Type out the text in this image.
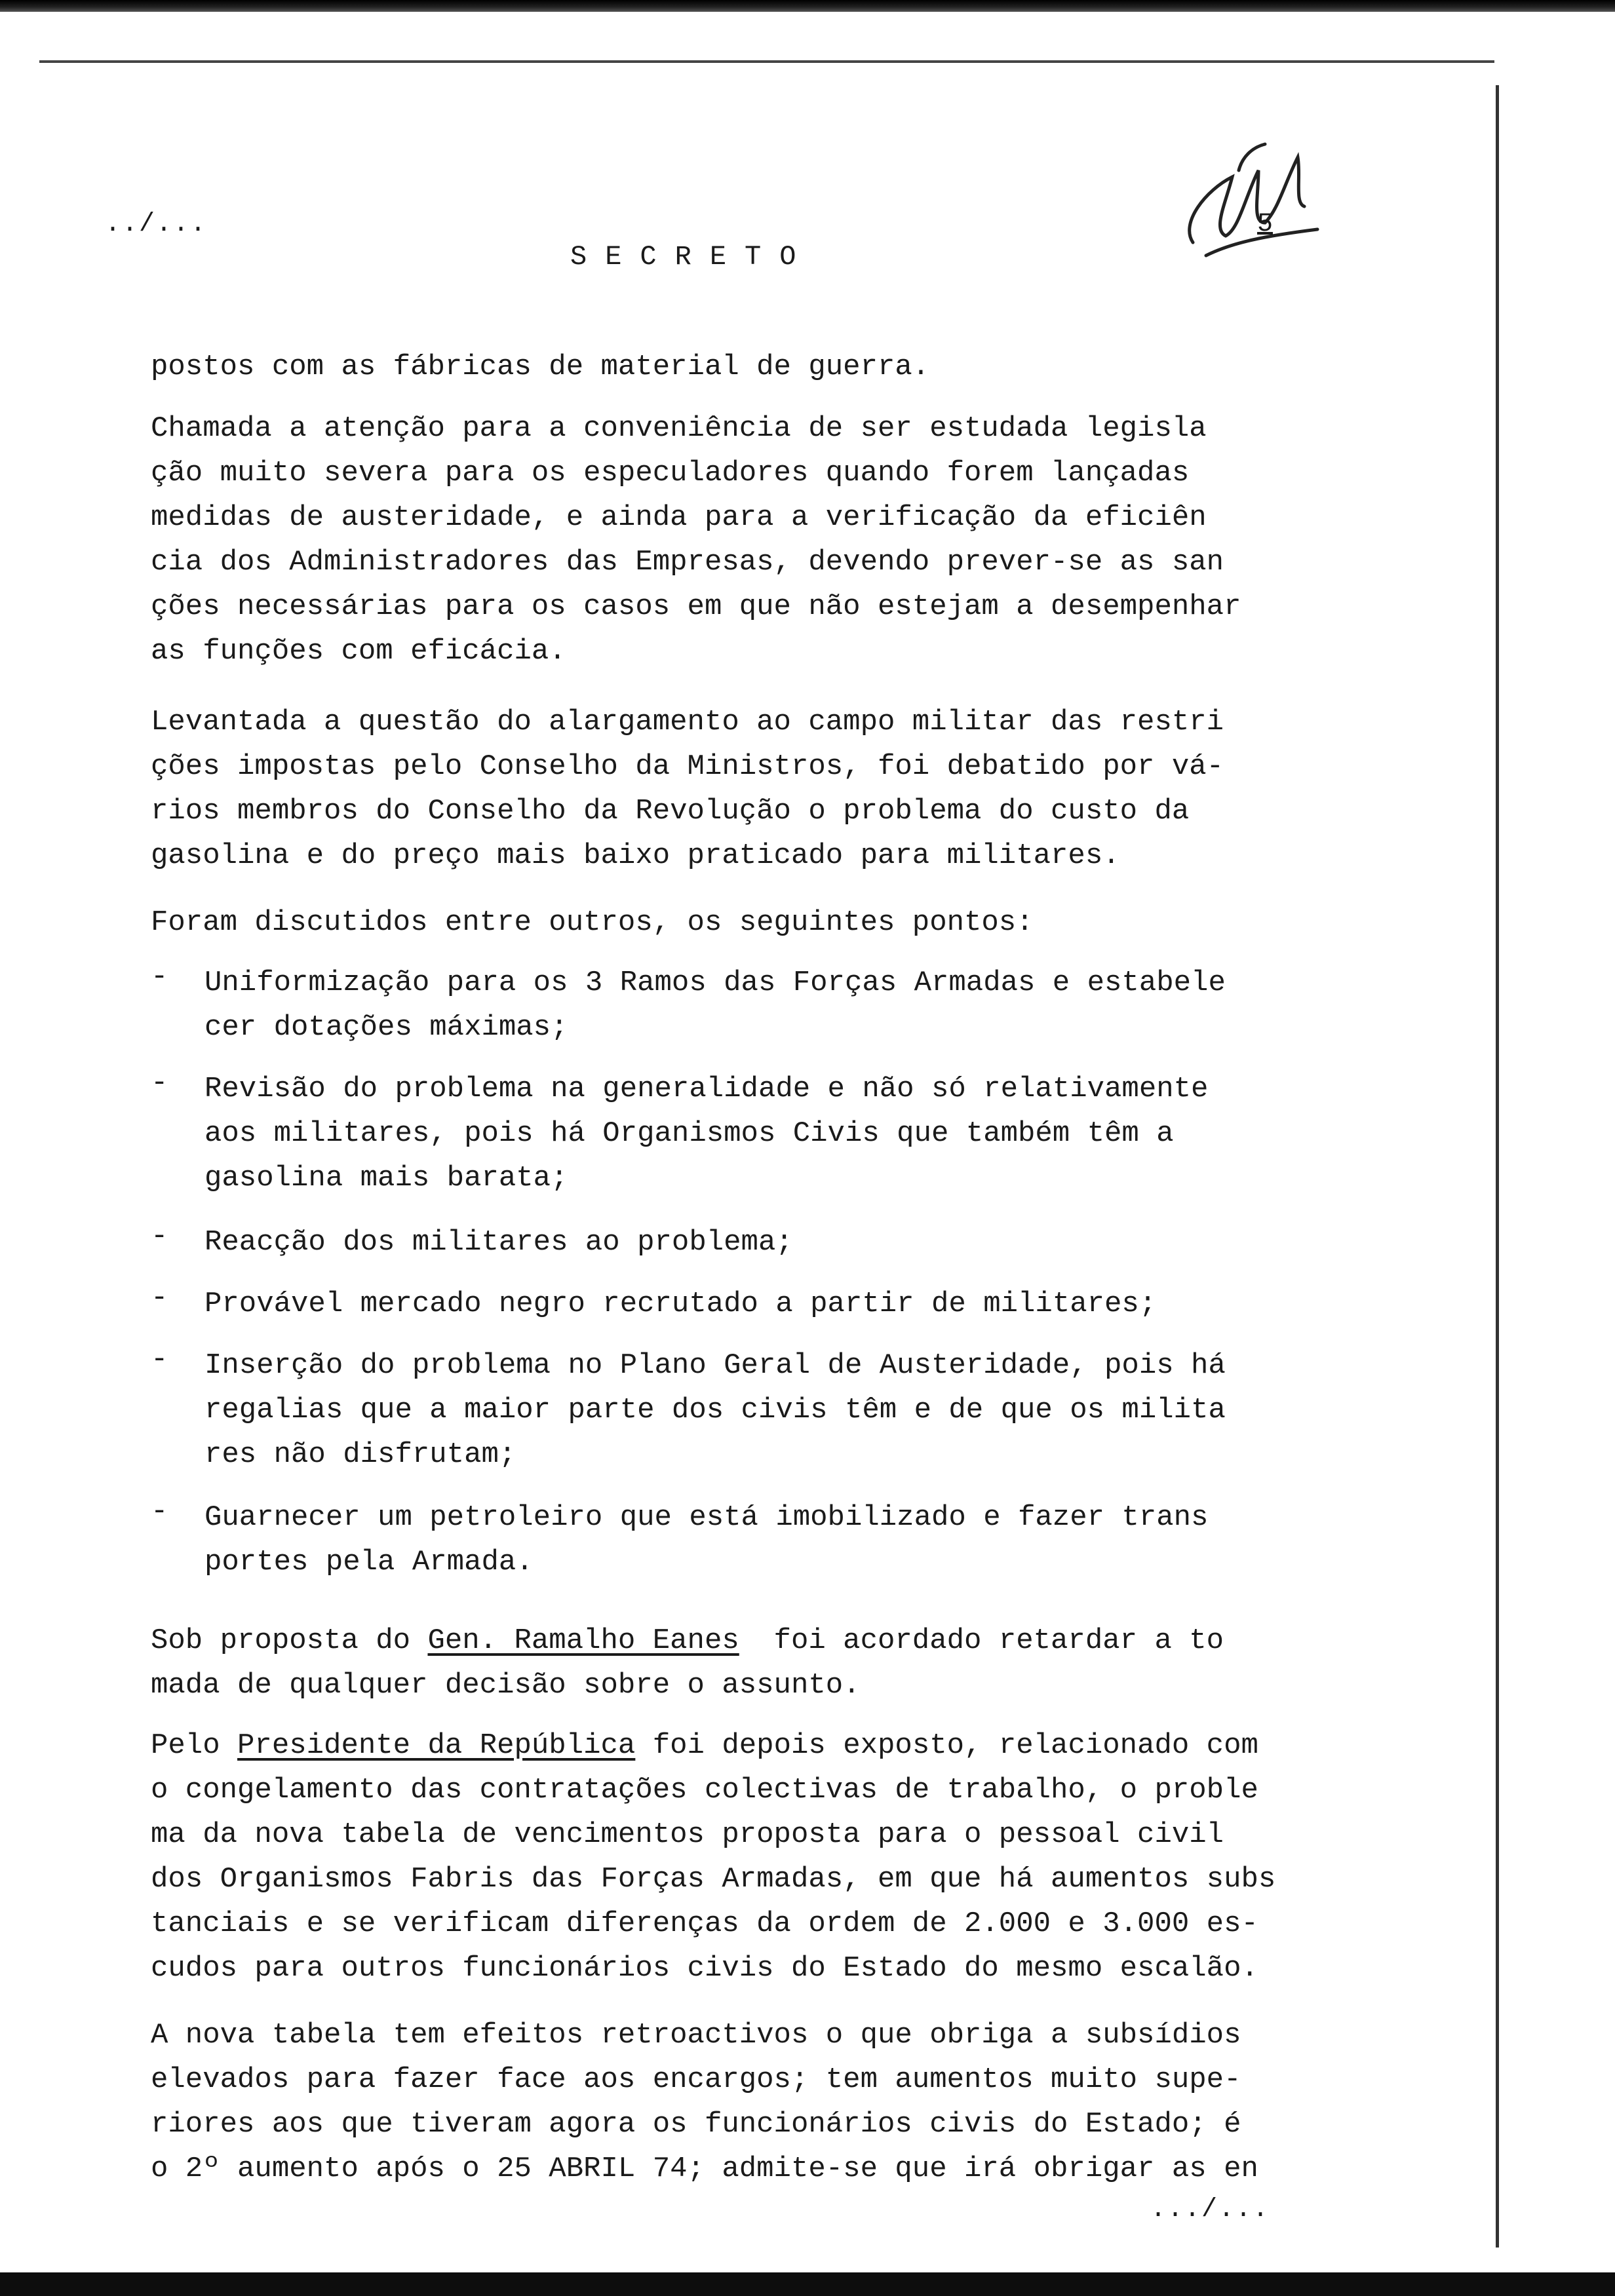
../...
SECRETO
5
postos com as fábricas de material de guerra.
Chamada a atenção para a conveniência de ser estudada legisla
ção muito severa para os especuladores quando forem lançadas
medidas de austeridade, e ainda para a verificação da eficiên
cia dos Administradores das Empresas, devendo prever-se as san
ções necessárias para os casos em que não estejam a desempenhar
as funções com eficácia.
Levantada a questão do alargamento ao campo militar das restri
ções impostas pelo Conselho da Ministros, foi debatido por vá-
rios membros do Conselho da Revolução o problema do custo da
gasolina e do preço mais baixo praticado para militares.
Foram discutidos entre outros, os seguintes pontos:
- Uniformização para os 3 Ramos das Forças Armadas e estabele
cer dotações máximas;
- Revisão do problema na generalidade e não só relativamente
aos militares, pois há Organismos Civis que também têm a
gasolina mais barata;
- Reacção dos militares ao problema;
- Provável mercado negro recrutado a partir de militares;
- Inserção do problema no Plano Geral de Austeridade, pois há
regalias que a maior parte dos civis têm e de que os milita
res não disfrutam;
- Guarnecer um petroleiro que está imobilizado e fazer trans
portes pela Armada.
Sob proposta do Gen. Ramalho Eanes  foi acordado retardar a to
mada de qualquer decisão sobre o assunto.
Pelo Presidente da República foi depois exposto, relacionado com
o congelamento das contratações colectivas de trabalho, o proble
ma da nova tabela de vencimentos proposta para o pessoal civil
dos Organismos Fabris das Forças Armadas, em que há aumentos subs
tanciais e se verificam diferenças da ordem de 2.000 e 3.000 es-
cudos para outros funcionários civis do Estado do mesmo escalão.
A nova tabela tem efeitos retroactivos o que obriga a subsídios
elevados para fazer face aos encargos; tem aumentos muito supe-
riores aos que tiveram agora os funcionários civis do Estado; é
o 2º aumento após o 25 ABRIL 74; admite-se que irá obrigar as en
.../...
